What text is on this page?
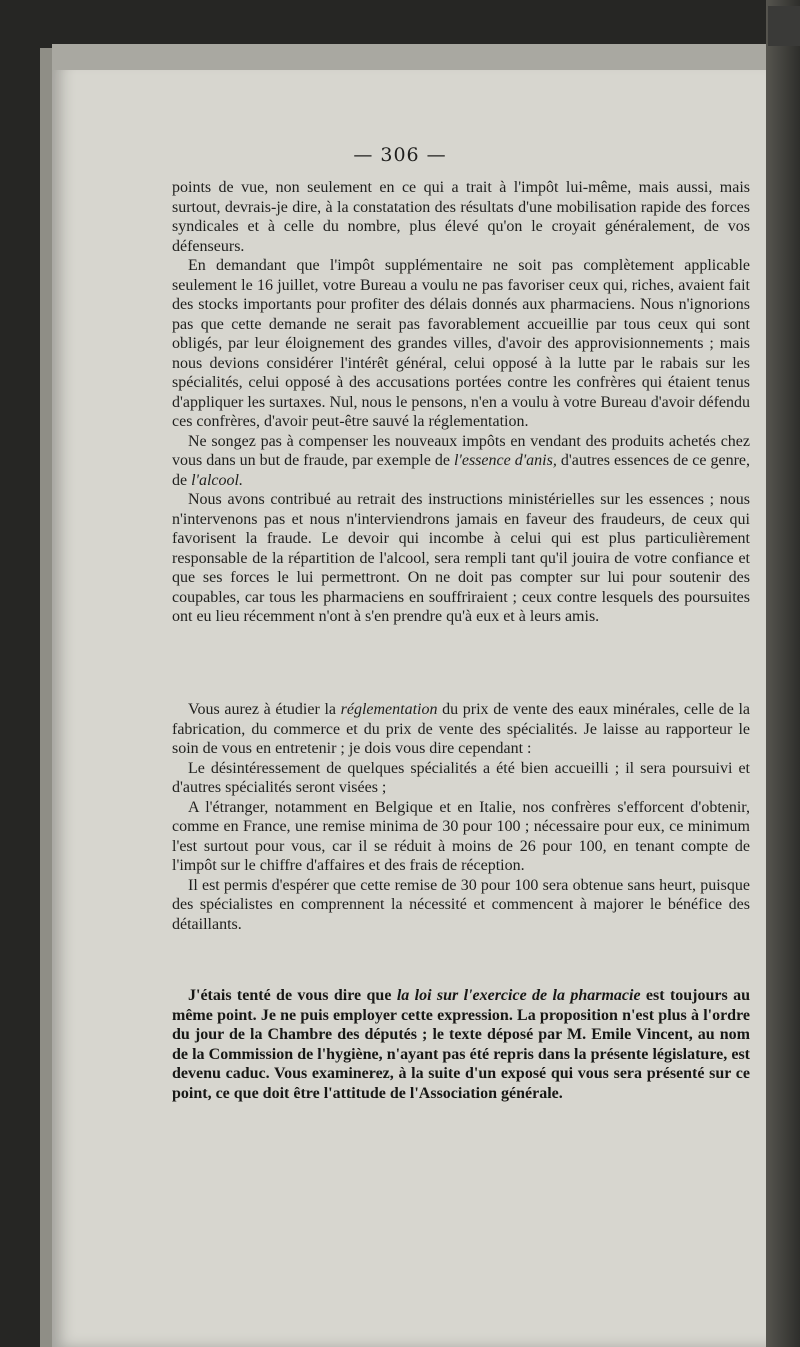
— 306 —

points de vue, non seulement en ce qui a trait à l'impôt lui-même, mais aussi, mais surtout, devrais-je dire, à la constatation des résultats d'une mobilisation rapide des forces syndicales et à celle du nombre, plus élevé qu'on le croyait généralement, de vos défenseurs.

En demandant que l'impôt supplémentaire ne soit pas complètement applicable seulement le 16 juillet, votre Bureau a voulu ne pas favoriser ceux qui, riches, avaient fait des stocks importants pour profiter des délais donnés aux pharmaciens. Nous n'ignorions pas que cette demande ne serait pas favorablement accueillie par tous ceux qui sont obligés, par leur éloignement des grandes villes, d'avoir des approvisionnements ; mais nous devions considérer l'intérêt général, celui opposé à la lutte par le rabais sur les spécialités, celui opposé à des accusations portées contre les confrères qui étaient tenus d'appliquer les surtaxes. Nul, nous le pensons, n'en a voulu à votre Bureau d'avoir défendu ces confrères, d'avoir peut-être sauvé la réglementation.

Ne songez pas à compenser les nouveaux impôts en vendant des produits achetés chez vous dans un but de fraude, par exemple de l'essence d'anis, d'autres essences de ce genre, de l'alcool.

Nous avons contribué au retrait des instructions ministérielles sur les essences ; nous n'intervenons pas et nous n'interviendrons jamais en faveur des fraudeurs, de ceux qui favorisent la fraude. Le devoir qui incombe à celui qui est plus particulièrement responsable de la répartition de l'alcool, sera rempli tant qu'il jouira de votre confiance et que ses forces le lui permettront. On ne doit pas compter sur lui pour soutenir des coupables, car tous les pharmaciens en souffriraient ; ceux contre lesquels des poursuites ont eu lieu récemment n'ont à s'en prendre qu'à eux et à leurs amis.

Vous aurez à étudier la réglementation du prix de vente des eaux minérales, celle de la fabrication, du commerce et du prix de vente des spécialités. Je laisse au rapporteur le soin de vous en entretenir ; je dois vous dire cependant :

Le désintéressement de quelques spécialités a été bien accueilli ; il sera poursuivi et d'autres spécialités seront visées ;

A l'étranger, notamment en Belgique et en Italie, nos confrères s'efforcent d'obtenir, comme en France, une remise minima de 30 pour 100 ; nécessaire pour eux, ce minimum l'est surtout pour vous, car il se réduit à moins de 26 pour 100, en tenant compte de l'impôt sur le chiffre d'affaires et des frais de réception.

Il est permis d'espérer que cette remise de 30 pour 100 sera obtenue sans heurt, puisque des spécialistes en comprennent la nécessité et commencent à majorer le bénéfice des détaillants.

J'étais tenté de vous dire que la loi sur l'exercice de la pharmacie est toujours au même point. Je ne puis employer cette expression. La proposition n'est plus à l'ordre du jour de la Chambre des députés ; le texte déposé par M. Emile Vincent, au nom de la Commission de l'hygiène, n'ayant pas été repris dans la présente législature, est devenu caduc. Vous examinerez, à la suite d'un exposé qui vous sera présenté sur ce point, ce que doit être l'attitude de l'Association générale.
